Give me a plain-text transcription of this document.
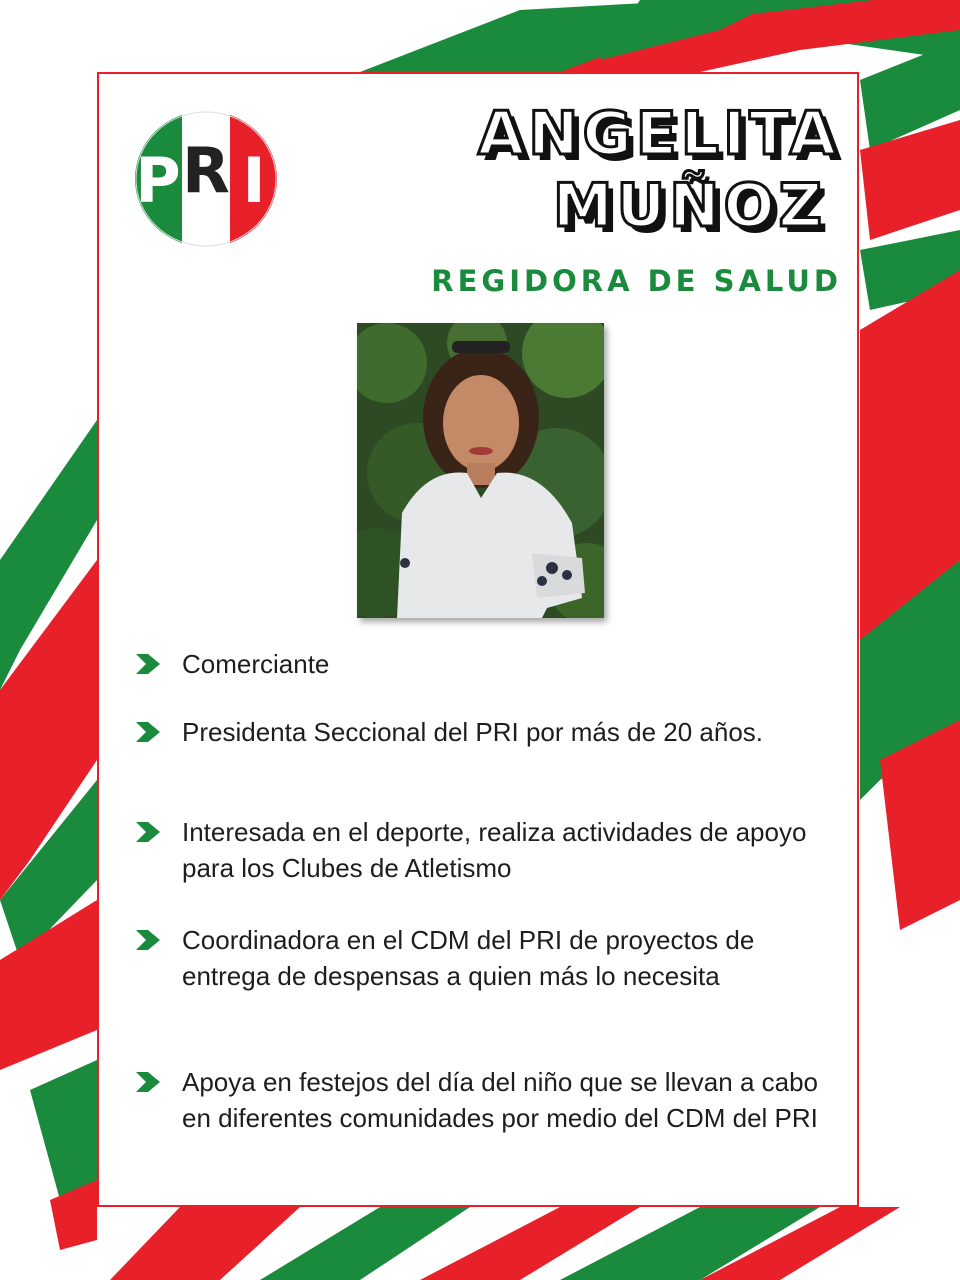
P R I
ANGELITA
MUÑOZ

REGIDORA DE SALUD

Comerciante

Presidenta Seccional del PRI por más de 20 años.

Interesada en el deporte, realiza actividades de apoyo para los Clubes de Atletismo

Coordinadora en el CDM del PRI de proyectos de entrega de despensas a quien más lo necesita

Apoya en festejos del día del niño que se llevan a cabo en diferentes comunidades por medio del CDM del PRI
